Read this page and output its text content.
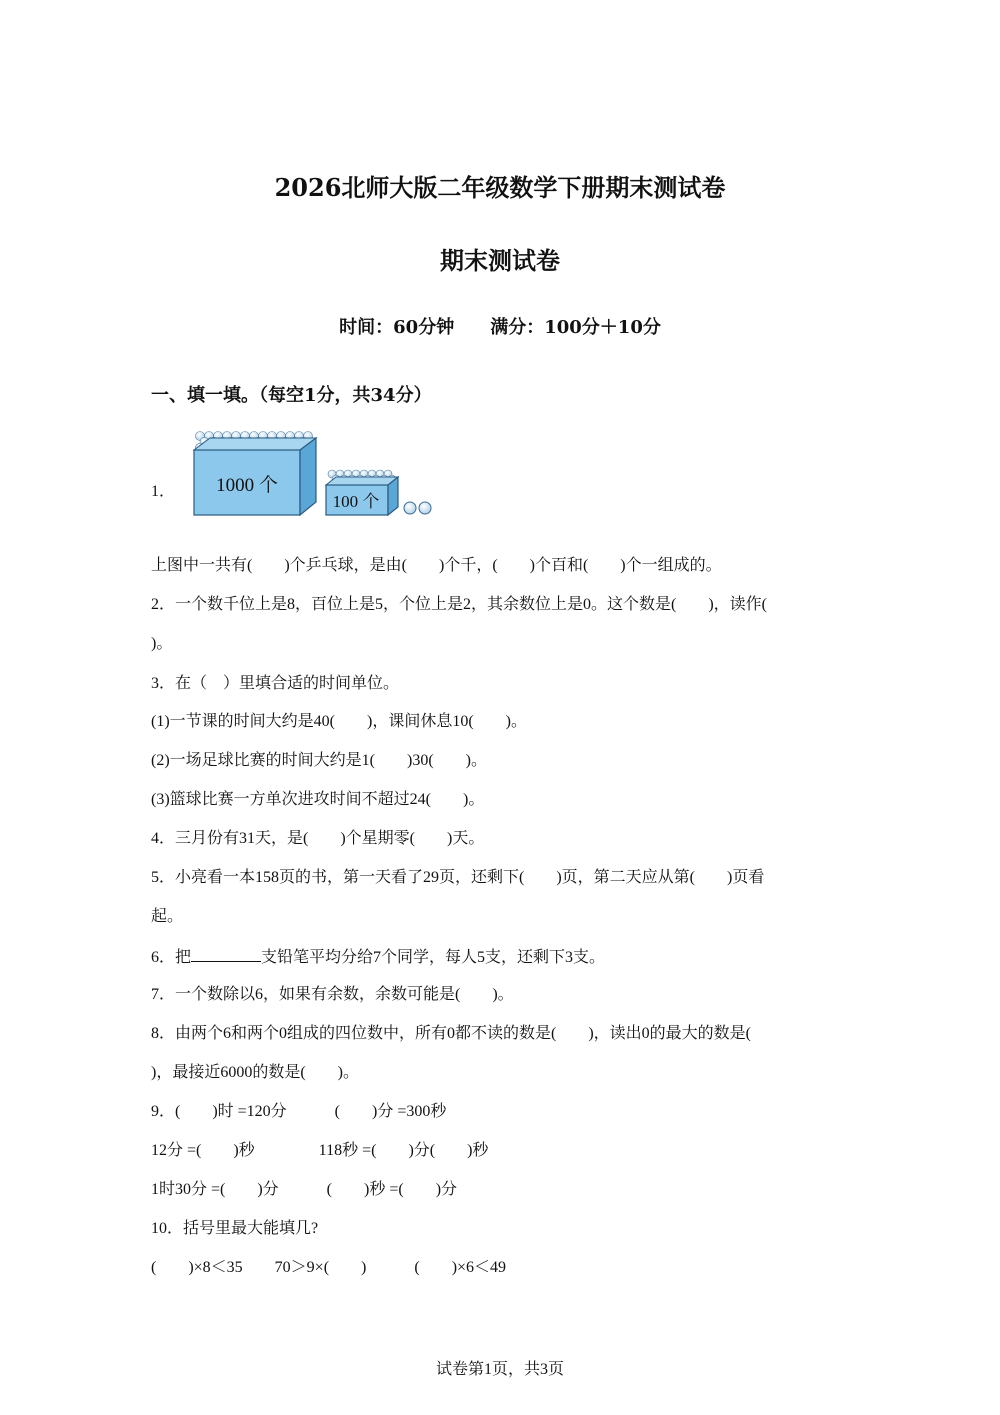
2026北师大版二年级数学下册期末测试卷
期末测试卷
时间：60分钟 满分：100分＋10分
一、填一填。（每空1分，共34分）
1． 1000 个
100 个
上图中一共有(　　)个乒乓球，是由(　　)个千，(　　)个百和(　　)个一组成的。
2．一个数千位上是8，百位上是5，个位上是2，其余数位上是0。这个数是(　　)，读作(
)。
3．在（　）里填合适的时间单位。
(1)一节课的时间大约是40(　　)，课间休息10(　　)。
(2)一场足球比赛的时间大约是1(　　)30(　　)。
(3)篮球比赛一方单次进攻时间不超过24(　　)。
4．三月份有31天，是(　　)个星期零(　　)天。
5．小亮看一本158页的书，第一天看了29页，还剩下(　　)页，第二天应从第(　　)页看
起。
6．把	支铅笔平均分给7个同学，每人5支，还剩下3支。
7．一个数除以6，如果有余数，余数可能是(　　)。
8．由两个6和两个0组成的四位数中，所有0都不读的数是(　　)，读出0的最大的数是(
)，最接近6000的数是(　　)。
9．(　　)时 =120分　　　(　　)分 =300秒
12分 =(　　)秒　　　　118秒 =(　　)分(　　)秒
1时30分 =(　　)分　　　(　　)秒 =(　　)分
10．括号里最大能填几?
(　　)×8＜35　　70＞9×(　　)　　　(　　)×6＜49
试卷第1页，共3页
